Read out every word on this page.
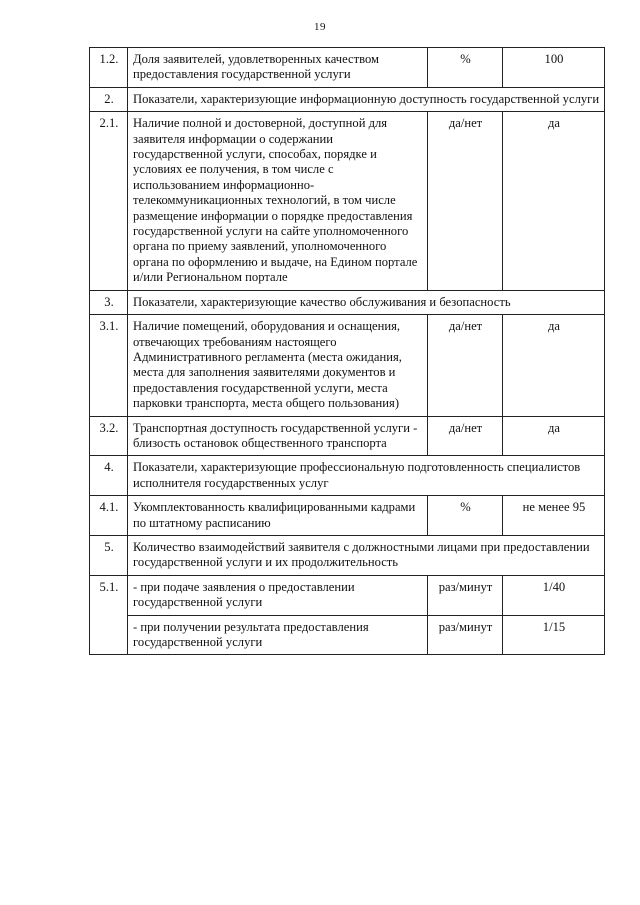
19
1.2.	Доля заявителей, удовлетворенных качеством предоставления государственной услуги	%	100
2.	Показатели, характеризующие информационную доступность государственной услуги		
2.1.	Наличие полной и достоверной, доступной для заявителя информации о содержании государственной услуги, способах, порядке и условиях ее получения, в том числе с использованием информационно-телекоммуникационных технологий, в том числе размещение информации о порядке предоставления государственной услуги на сайте уполномоченного органа по приему заявлений, уполномоченного органа по оформлению и выдаче, на Едином портале и/или Региональном портале	да/нет	да
3.	Показатели, характеризующие качество обслуживания и безопасность		
3.1.	Наличие помещений, оборудования и оснащения, отвечающих требованиям настоящего Административного регламента (места ожидания, места для заполнения заявителями документов и предоставления государственной услуги, места парковки транспорта, места общего пользования)	да/нет	да
3.2.	Транспортная доступность государственной услуги - близость остановок общественного транспорта	да/нет	да
4.	Показатели, характеризующие профессиональную подготовленность специалистов исполнителя государственных услуг		
4.1.	Укомплектованность квалифицированными кадрами по штатному расписанию	%	не менее 95
5.	Количество взаимодействий заявителя с должностными лицами при предоставлении государственной услуги и их продолжительность		
5.1.	- при подаче заявления о предоставлении государственной услуги	раз/минут	1/40
	- при получении результата предоставления государственной услуги	раз/минут	1/15
